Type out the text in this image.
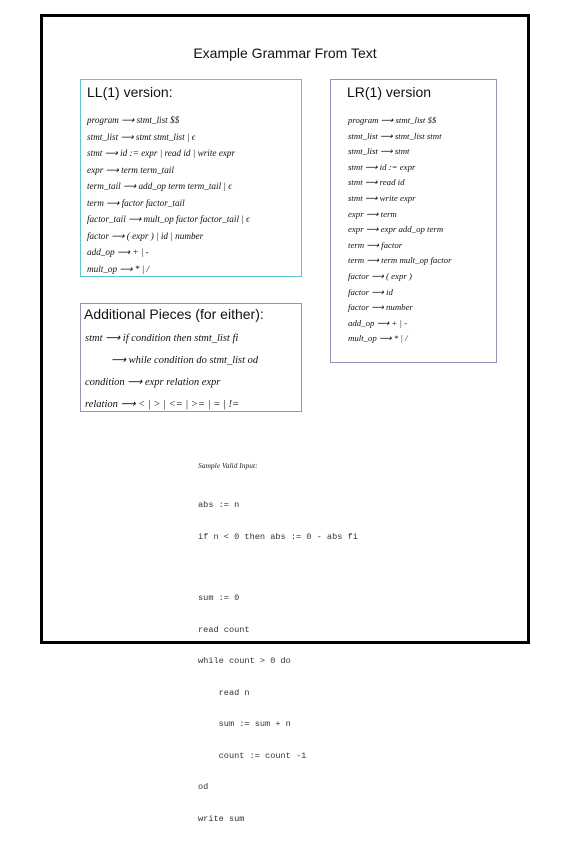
Example Grammar From Text
LL(1) version:
program ⟶ stmt_list $$
stmt_list ⟶ stmt stmt_list | ϵ
stmt ⟶ id := expr | read id | write expr
expr ⟶ term term_tail
term_tail ⟶ add_op term term_tail | ϵ
term ⟶ factor factor_tail
factor_tail ⟶ mult_op factor factor_tail | ϵ
factor ⟶ ( expr ) | id | number
add_op ⟶ + | -
mult_op ⟶ * | /
LR(1) version
program ⟶ stmt_list $$
stmt_list ⟶ stmt_list stmt
stmt_list ⟶ stmt
stmt ⟶ id := expr
stmt ⟶ read id
stmt ⟶ write expr
expr ⟶ term
expr ⟶ expr add_op term
term ⟶ factor
term ⟶ term mult_op factor
factor ⟶ ( expr )
factor ⟶ id
factor ⟶ number
add_op ⟶ + | -
mult_op ⟶ * | /
Additional Pieces (for either):
stmt ⟶ if condition then stmt_list fi
⟶ while condition do stmt_list od
condition ⟶ expr relation expr
relation ⟶ < | > | <= | >= | = | !=
Sample Valid Input:

abs := n

if n < 0 then abs := 0 - abs fi

sum := 0

read count

while count > 0 do

read n

sum := sum + n

count := count -1

od

write sum
